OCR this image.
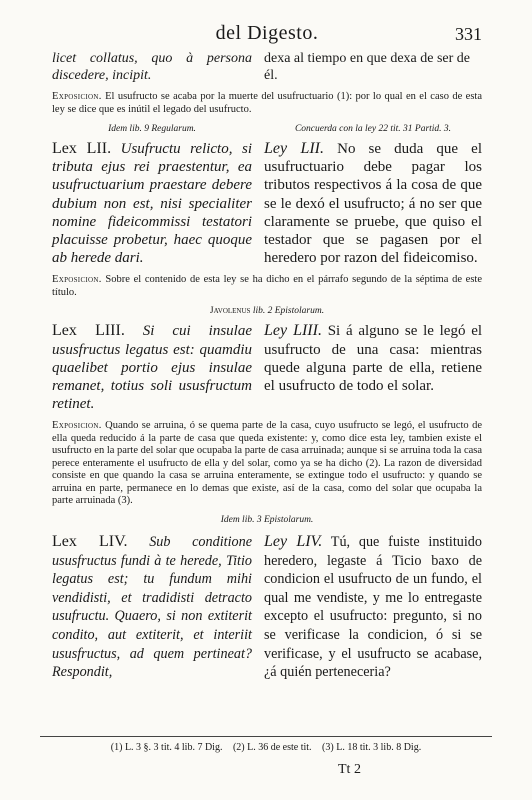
del Digesto.	331
licet collatus, quo à persona discedere, incipit.
dexa al tiempo en que dexa de ser de él.
Exposicion. El usufructo se acaba por la muerte del usufructuario (1): por lo qual en el caso de esta ley se dice que es inútil el legado del usufructo.
Idem lib. 9 Regularum.	Concuerda con la ley 22 tit. 31 Partid. 3.
Lex LII. Usufructu relicto, si tributa ejus rei praestentur, ea usufructuarium praestare debere dubium non est, nisi specialiter nomine fideicommissi testatori placuisse probetur, haec quoque ab herede dari.
Ley LII. No se duda que el usufructuario debe pagar los tributos respectivos á la cosa de que se le dexó el usufructo; á no ser que claramente se pruebe, que quiso el testador que se pagasen por el heredero por razon del fideicomiso.
Exposicion. Sobre el contenido de esta ley se ha dicho en el párrafo segundo de la séptima de este título.
Javolenus lib. 2 Epistolarum.
Lex LIII. Si cui insulae ususfructus legatus est: quamdiu quaelibet portio ejus insulae remanet, totius soli ususfructum retinet.
Ley LIII. Si á alguno se le legó el usufructo de una casa: mientras quede alguna parte de ella, retiene el usufructo de todo el solar.
Exposicion. Quando se arruina, ó se quema parte de la casa, cuyo usufructo se legó, el usufructo de ella queda reducido á la parte de casa que queda existente: y, como dice esta ley, tambien existe el usufructo en la parte del solar que ocupaba la parte de casa arruinada; aunque si se arruina toda la casa perece enteramente el usufructo de ella y del solar, como ya se ha dicho (2). La razon de diversidad consiste en que quando la casa se arruina enteramente, se extingue todo el usufructo: y quando se arruina en parte, permanece en lo demas que existe, así de la casa, como del solar que ocupaba la parte arruinada (3).
Idem lib. 3 Epistolarum.
Lex LIV. Sub conditione ususfructus fundi à te herede, Titio legatus est; tu fundum mihi vendidisti, et tradidisti detracto usufructu. Quaero, si non extiterit condito, aut extiterit, et interiit ususfructus, ad quem pertineat? Respondit,
Ley LIV. Tú, que fuiste instituido heredero, legaste á Ticio baxo de condicion el usufructo de un fundo, el qual me vendiste, y me lo entregaste excepto el usufructo: pregunto, si no se verificase la condicion, ó si se verificase, y el usufructo se acabase, ¿á quién perteneceria?
(1) L. 3 §. 3 tit. 4 lib. 7 Dig. (2) L. 36 de este tit. (3) L. 18 tit. 3 lib. 8 Dig.
Tt 2
